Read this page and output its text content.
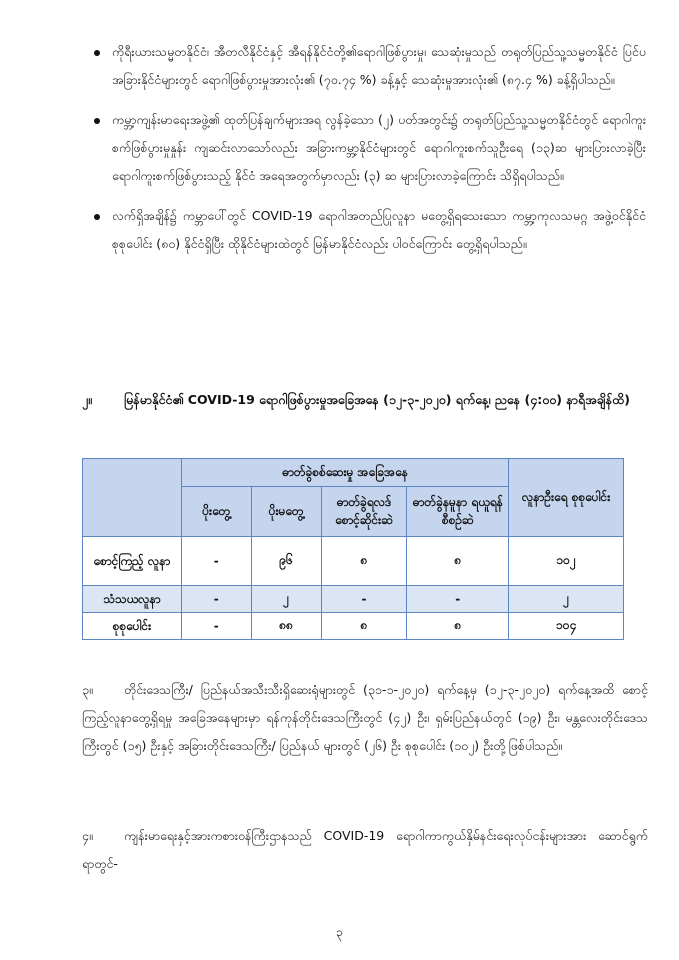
ကိုရီးယားသမ္မတနိုင်ငံ၊ အီတလီနိုင်ငံနှင့် အီရန်နိုင်ငံတို့၏ရောဂါဖြစ်ပွားမှု၊ သေဆုံးမှုသည် တရုတ်ပြည်သူ့သမ္မတနိုင်ငံ ပြင်ပအခြားနိုင်ငံများတွင် ရောဂါဖြစ်ပွားမှုအားလုံး၏ (၇၀.၇၄ %) ခန့်နှင့် သေဆုံးမှုအားလုံး၏ (၈၇.၄ %) ခန့်ရှိပါသည်။
ကမ္ဘာ့ကျန်းမာရေးအဖွဲ့၏ ထုတ်ပြန်ချက်များအရ လွန်ခဲ့သော (၂) ပတ်အတွင်း၌ တရုတ်ပြည်သူ့သမ္မတနိုင်ငံတွင် ရောဂါကူးစက်ဖြစ်ပွားမှုနှုန်း ကျဆင်းလာသော်လည်း အခြားကမ္ဘာ့နိုင်ငံများတွင် ရောဂါကူးစက်သူဦးရေ (၁၃)ဆ များပြားလာခဲ့ပြီး ရောဂါကူးစက်ဖြစ်ပွားသည့် နိုင်ငံ အရေအတွက်မှာလည်း (၃) ဆ များပြားလာခဲ့ကြောင်း သိရှိရပါသည်။
လက်ရှိအချိန်၌ ကမ္ဘာပေါ်တွင် COVID-19 ရောဂါအတည်ပြုလူနာ မတွေ့ရှိရသေးသော ကမ္ဘာ့ကုလသမဂ္ဂ အဖွဲ့ဝင်နိုင်ငံ စုစုပေါင်း (၈၀) နိုင်ငံရှိပြီး ထိုနိုင်ငံများထဲတွင် မြန်မာနိုင်ငံလည်း ပါဝင်ကြောင်း တွေ့ရှိရပါသည်။
၂။	မြန်မာနိုင်ငံ၏ COVID-19 ရောဂါဖြစ်ပွားမှုအခြေအနေ (၁၂-၃-၂၀၂၀) ရက်နေ့၊ ညနေ (၄:၀၀) နာရီအချိန်ထိ)
	ဓာတ်ခွဲစစ်ဆေးမှု အခြေအနေ				လူနာဦးရေ စုစုပေါင်း
	ပိုးတွေ့	ပိုးမတွေ့	ဓာတ်ခွဲရလဒ် စောင့်ဆိုင်းဆဲ	ဓာတ်ခွဲနမူနာ ရယူရန် စီစဉ်ဆဲ	
စောင့်ကြည့် လူနာ	-	၉၆	၈	၈	၁၀၂
သံသယလူနာ	-	၂	-	-	၂
စုစုပေါင်း	-	၈၈	၈	၈	၁၀၄

၃။ တိုင်းဒေသကြီး/ ပြည်နယ်အသီးသီးရှိဆေးရုံများတွင် (၃၁-၁-၂၀၂၀) ရက်နေ့မှ (၁၂-၃-၂၀၂၀) ရက်နေ့အထိ စောင့်ကြည့်လူနာတွေ့ရှိရမှု အခြေအနေများမှာ ရန်ကုန်တိုင်းဒေသကြီးတွင် (၄၂) ဦး၊ ရှမ်းပြည်နယ်တွင် (၁၉) ဦး၊ မန္တလေးတိုင်းဒေသကြီးတွင် (၁၅) ဦးနှင့် အခြားတိုင်းဒေသကြီး/ ပြည်နယ် များတွင် (၂၆) ဦး စုစုပေါင်း (၁၀၂) ဦးတို့ဖြစ်ပါသည်။

၄။ ကျန်းမာရေးနှင့်အားကစားဝန်ကြီးဌာနသည် COVID-19 ရောဂါကာကွယ်နှိမ်နင်းရေးလုပ်ငန်းများအား ဆောင်ရွက်ရာတွင်-

၃
